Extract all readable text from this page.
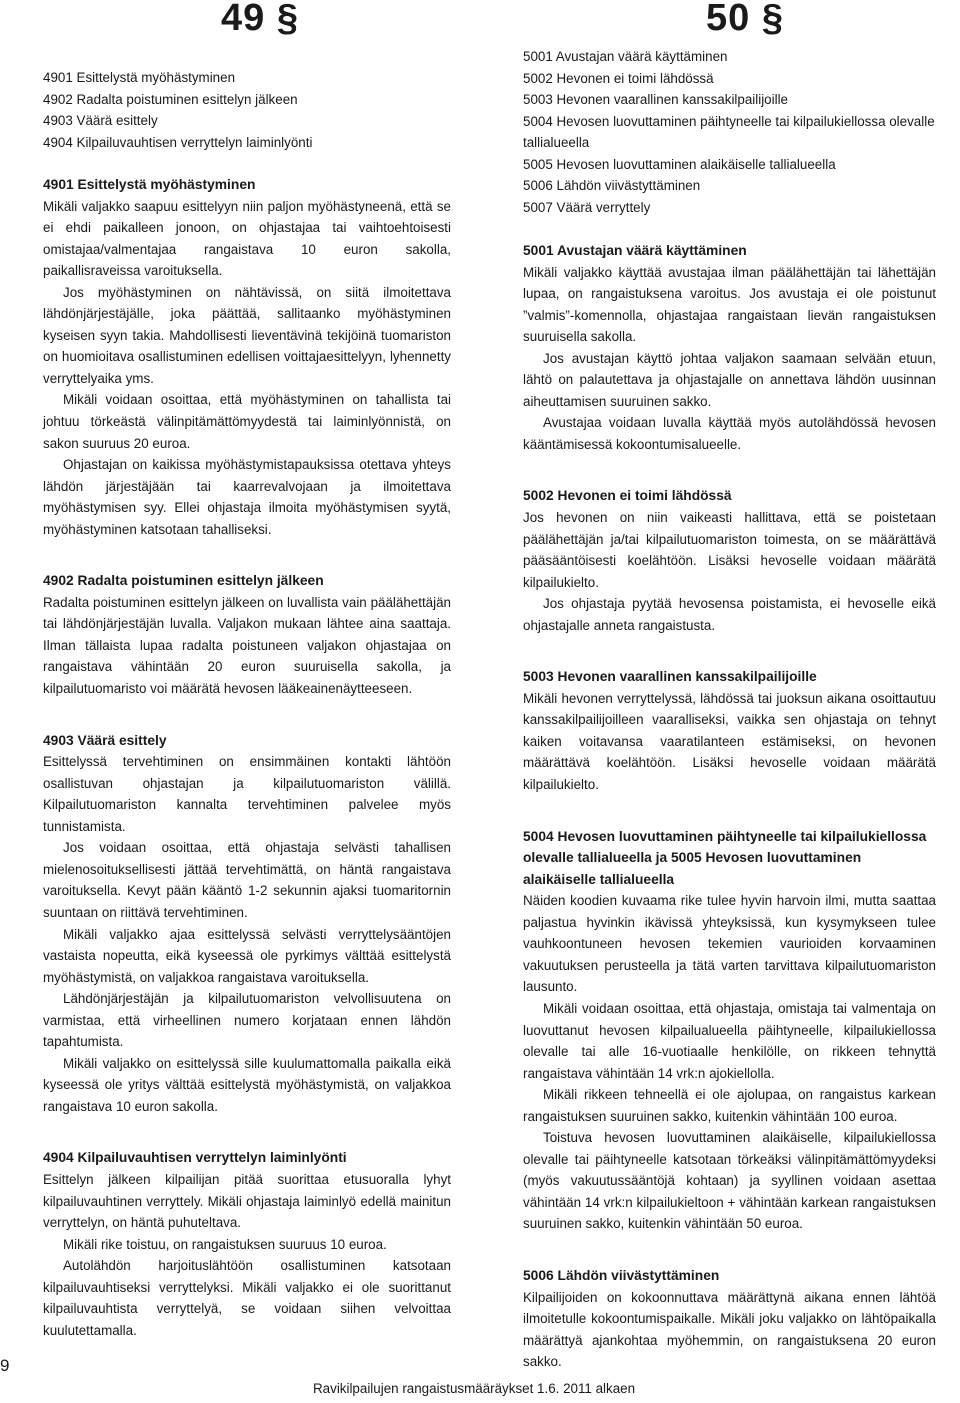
49 §
4901 Esittelystä myöhästyminen
4902 Radalta poistuminen esittelyn jälkeen
4903 Väärä esittely
4904 Kilpailuvauhtisen verryttelyn laiminlyönti
4901 Esittelystä myöhästyminen

Mikäli valjakko saapuu esittelyyn niin paljon myöhästyneenä, että se ei ehdi paikalleen jonoon, on ohjastajaa tai vaihtoehtoisesti omistajaa/valmentajaa rangaistava 10 euron sakolla, paikallisraveissa varoituksella.

Jos myöhästyminen on nähtävissä, on siitä ilmoitettava lähdönjärjestäjälle, joka päättää, sallitaanko myöhästyminen kyseisen syyn takia. Mahdollisesti lieventävinä tekijöinä tuomariston on huomioitava osallistuminen edellisen voittajaesittelyyn, lyhennetty verryttelyaika yms.

Mikäli voidaan osoittaa, että myöhästyminen on tahallista tai johtuu törkeästä välinpitämättömyydestä tai laiminlyönnistä, on sakon suuruus 20 euroa.

Ohjastajan on kaikissa myöhästymistapauksissa otettava yhteys lähdön järjestäjään tai kaarrevalvojaan ja ilmoitettava myöhästymisen syy. Ellei ohjastaja ilmoita myöhästymisen syytä, myöhästyminen katsotaan tahalliseksi.

4902 Radalta poistuminen esittelyn jälkeen

Radalta poistuminen esittelyn jälkeen on luvallista vain päälähettäjän tai lähdönjärjestäjän luvalla. Valjakon mukaan lähtee aina saattaja. Ilman tällaista lupaa radalta poistuneen valjakon ohjastajaa on rangaistava vähintään 20 euron suuruisella sakolla, ja kilpailutuomaristo voi määrätä hevosen lääkeainenäytteeseen.

4903 Väärä esittely

Esittelyssä tervehtiminen on ensimmäinen kontakti lähtöön osallistuvan ohjastajan ja kilpailutuomariston välillä. Kilpailutuomariston kannalta tervehtiminen palvelee myös tunnistamista.

Jos voidaan osoittaa, että ohjastaja selvästi tahallisen mielenosoituksellisesti jättää tervehtimättä, on häntä rangaistava varoituksella. Kevyt pään kääntö 1-2 sekunnin ajaksi tuomaritornin suuntaan on riittävä tervehtiminen.

Mikäli valjakko ajaa esittelyssä selvästi verryttelysääntöjen vastaista nopeutta, eikä kyseessä ole pyrkimys välttää esittelystä myöhästymistä, on valjakkoa rangaistava varoituksella.

Lähdönjärjestäjän ja kilpailutuomariston velvollisuutena on varmistaa, että virheellinen numero korjataan ennen lähdön tapahtumista.

Mikäli valjakko on esittelyssä sille kuulumattomalla paikalla eikä kyseessä ole yritys välttää esittelystä myöhästymistä, on valjakkoa rangaistava 10 euron sakolla.

4904 Kilpailuvauhtisen verryttelyn laiminlyönti

Esittelyn jälkeen kilpailijan pitää suorittaa etusuoralla lyhyt kilpailuvauhtinen verryttely. Mikäli ohjastaja laiminlyö edellä mainitun verryttelyn, on häntä puhuteltava.

Mikäli rike toistuu, on rangaistuksen suuruus 10 euroa.

Autolähdön harjoituslähtöön osallistuminen katsotaan kilpailuvauhtiseksi verryttelyksi. Mikäli valjakko ei ole suorittanut kilpailuvauhtista verryttelyä, se voidaan siihen velvoittaa kuulutettamalla.

50 §
5001 Avustajan väärä käyttäminen
5002 Hevonen ei toimi lähdössä
5003 Hevonen vaarallinen kanssakilpailijoille
5004 Hevosen luovuttaminen päihtyneelle tai kilpailukiellossa olevalle tallialueella
5005 Hevosen luovuttaminen alaikäiselle tallialueella
5006 Lähdön viivästyttäminen
5007 Väärä verryttely
5001 Avustajan väärä käyttäminen

Mikäli valjakko käyttää avustajaa ilman päälähettäjän tai lähettäjän lupaa, on rangaistuksena varoitus. Jos avustaja ei ole poistunut ”valmis”-komennolla, ohjastajaa rangaistaan lievän rangaistuksen suuruisella sakolla.

Jos avustajan käyttö johtaa valjakon saamaan selvään etuun, lähtö on palautettava ja ohjastajalle on annettava lähdön uusinnan aiheuttamisen suuruinen sakko.

Avustajaa voidaan luvalla käyttää myös autolähdössä hevosen kääntämisessä kokoontumisalueelle.

5002 Hevonen ei toimi lähdössä

Jos hevonen on niin vaikeasti hallittava, että se poistetaan päälähettäjän ja/tai kilpailutuomariston toimesta, on se määrättävä pääsääntöisesti koelähtöön. Lisäksi hevoselle voidaan määrätä kilpailukielto.

Jos ohjastaja pyytää hevosensa poistamista, ei hevoselle eikä ohjastajalle anneta rangaistusta.

5003 Hevonen vaarallinen kanssakilpailijoille

Mikäli hevonen verryttelyssä, lähdössä tai juoksun aikana osoittautuu kanssakilpailijoilleen vaaralliseksi, vaikka sen ohjastaja on tehnyt kaiken voitavansa vaaratilanteen estämiseksi, on hevonen määrättävä koelähtöön. Lisäksi hevoselle voidaan määrätä kilpailukielto.

5004 Hevosen luovuttaminen päihtyneelle tai kilpailukiellossa olevalle tallialueella ja 5005 Hevosen luovuttaminen alaikäiselle tallialueella

Näiden koodien kuvaama rike tulee hyvin harvoin ilmi, mutta saattaa paljastua hyvinkin ikävissä yhteyksissä, kun kysymykseen tulee vauhkoontuneen hevosen tekemien vaurioiden korvaaminen vakuutuksen perusteella ja tätä varten tarvittava kilpailutuomariston lausunto.

Mikäli voidaan osoittaa, että ohjastaja, omistaja tai valmentaja on luovuttanut hevosen kilpailualueella päihtyneelle, kilpailukiellossa olevalle tai alle 16-vuotiaalle henkilölle, on rikkeen tehnyttä rangaistava vähintään 14 vrk:n ajokiellolla.

Mikäli rikkeen tehneellä ei ole ajolupaa, on rangaistus karkean rangaistuksen suuruinen sakko, kuitenkin vähintään 100 euroa.

Toistuva hevosen luovuttaminen alaikäiselle, kilpailukiellossa olevalle tai päihtyneelle katsotaan törkeäksi välinpitämättömyydeksi (myös vakuutussääntöjä kohtaan) ja syyllinen voidaan asettaa vähintään 14 vrk:n kilpailukieltoon + vähintään karkean rangaistuksen suuruinen sakko, kuitenkin vähintään 50 euroa.

5006 Lähdön viivästyttäminen

Kilpailijoiden on kokoonnuttava määrättynä aikana ennen lähtöä ilmoitetulle kokoontumispaikalle. Mikäli joku valjakko on lähtöpaikalla määrättyä ajankohtaa myöhemmin, on rangaistuksena 20 euron sakko.

9
Ravikilpailujen rangaistusmääräykset 1.6. 2011 alkaen
